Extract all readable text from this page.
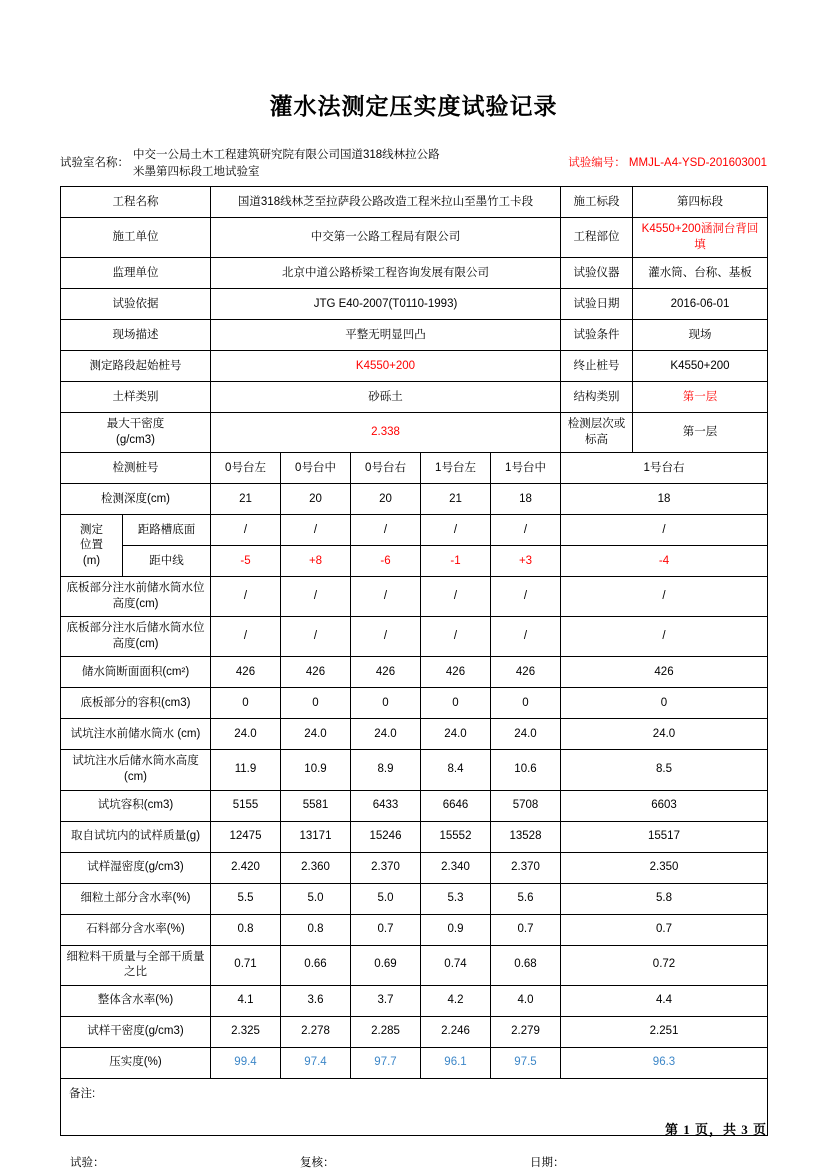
灌水法测定压实度试验记录
试验室名称：
中交一公局土木工程建筑研究院有限公司国道318线林拉公路米墨第四标段工地试验室
试验编号： MMJL-A4-YSD-201603001
工程名称		国道318线林芝至拉萨段公路改造工程米拉山至墨竹工卡段					施工标段	第四标段
施工单位		中交第一公路工程局有限公司					工程部位	K4550+200涵洞台背回填
监理单位		北京中道公路桥梁工程咨询发展有限公司					试验仪器	灌水筒、台称、基板
试验依据		JTG E40-2007(T0110-1993)					试验日期	2016-06-01
现场描述		平整无明显凹凸					试验条件	现场
测定路段起始桩号		K4550+200					终止桩号	K4550+200
土样类别		砂砾土					结构类别	第一层
最大干密度
(g/cm3)		2.338					检测层次或标高	第一层
检测桩号		0号台左	0号台中	0号台右	1号台左	1号台中	1号台右	
检测深度(cm)		21	20	20	21	18	18	
测定
位置
(m)	距路槽底面	/	/	/	/	/	/	
	距中线	-5	+8	-6	-1	+3	-4	
底板部分注水前储水筒水位高度(cm)		/	/	/	/	/	/	
底板部分注水后储水筒水位高度(cm)		/	/	/	/	/	/	
储水筒断面面积(cm²)		426	426	426	426	426	426	
底板部分的容积(cm3)		0	0	0	0	0	0	
试坑注水前储水筒水 (cm)		24.0	24.0	24.0	24.0	24.0	24.0	
试坑注水后储水筒水高度
(cm)		11.9	10.9	8.9	8.4	10.6	8.5	
试坑容积(cm3)		5155	5581	6433	6646	5708	6603	
取自试坑内的试样质量(g)		12475	13171	15246	15552	13528	15517	
试样湿密度(g/cm3)		2.420	2.360	2.370	2.340	2.370	2.350	
细粒土部分含水率(%)		5.5	5.0	5.0	5.3	5.6	5.8	
石料部分含水率(%)		0.8	0.8	0.7	0.9	0.7	0.7	
细粒料干质量与全部干质量之比		0.71	0.66	0.69	0.74	0.68	0.72	
整体含水率(%)		4.1	3.6	3.7	4.2	4.0	4.4	
试样干密度(g/cm3)		2.325	2.278	2.285	2.246	2.279	2.251	
压实度(%)		99.4	97.4	97.7	96.1	97.5	96.3	
备注:								
试验：	复核：	日期：
第 1 页，共 3 页
